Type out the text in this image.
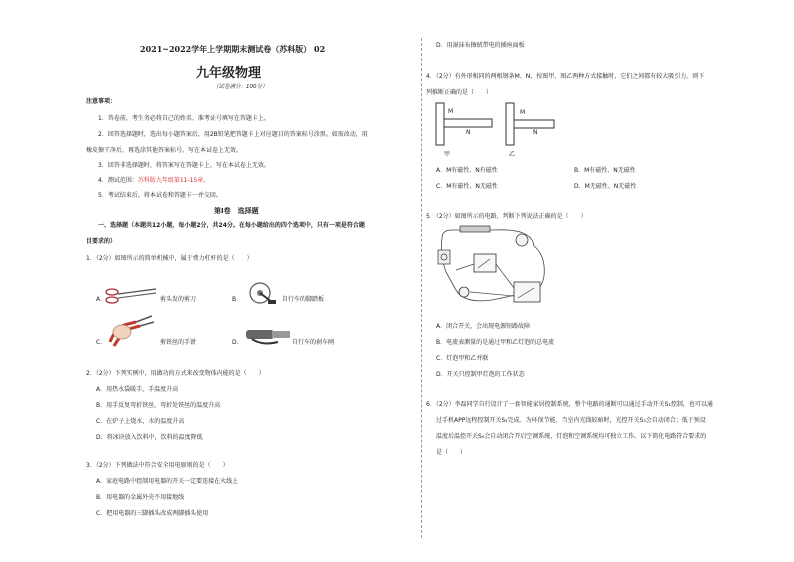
2021~2022学年上学期期末测试卷（苏科版） 02
九年级物理
（试卷满分：100分）
注意事项：
1．答卷前，考生务必将自己的姓名、准考证号填写在答题卡上。
2．回答选择题时，选出每小题答案后，用2B铅笔把答题卡上对应题目的答案标号涂黑。如需改动，用
橡皮擦干净后，再选涂其他答案标号。写在本试卷上无效。
3．回答非选择题时，将答案写在答题卡上。写在本试卷上无效。
4．测试范围：苏科版九年级第11-15章。
5．考试结束后，将本试卷和答题卡一并交回。
第Ⅰ卷　选择题
一、选择题（本题共12小题，每小题2分，共24分。在每小题给出的四个选项中，只有一项是符合题
目要求的）
1．（2分）如图所示的简单机械中，属于费力杠杆的是（　　）
A．	剪头发的剪刀	B．	自行车的脚踏板
C．	剪铁丝的手钳	D．	自行车的刹车闸
2．（2分）下列实例中，用做功的方式来改变物体内能的是（　　）
A．用热水袋暖手，手温度升高
B．用手反复弯折铁丝，弯折处铁丝的温度升高
C．在炉子上烧水，水的温度升高
D．将冰块放入饮料中，饮料的温度降低
3．（2分）下列做法中符合安全用电原则的是（　　）
A．家庭电路中控制用电器的开关一定要连接在火线上
B．用电器的金属外壳不用接地线
C．把用电器的三脚插头改成两脚插头使用
D．用湿抹布擦拭带电的插座面板
4．（2分）有外形相同的两根钢条M、N，按图甲、图乙两种方式接触时，它们之间都有较大吸引力。则下
列推断正确的是（　　）
M
N
M
N
甲	乙
A．M有磁性、N有磁性	B．M有磁性、N无磁性
C．M有磁性、N无磁性	D．M无磁性、N无磁性
5．（2分）如图所示的电路，判断下列说法正确的是（　　）
A．闭合开关，会出现电源短路故障
B．电流表测量的是通过甲和乙灯泡的总电流
C．灯泡甲和乙并联
D．开关只控制甲灯泡的工作状态
6．（2分）李磊同学自行设计了一套智能家居控制系统，整个电路的通断可以通过手动开关S₁控制，也可以通
过手机APP远程控制开关S₂完成。为环保节能，当室内光线较暗时，光控开关S₃会自动闭合；低于预设
温度后温控开关S₄会自动闭合开启空调系统，灯泡和空调系统均可独立工作。以下简化电路符合要求的
是（　　）
